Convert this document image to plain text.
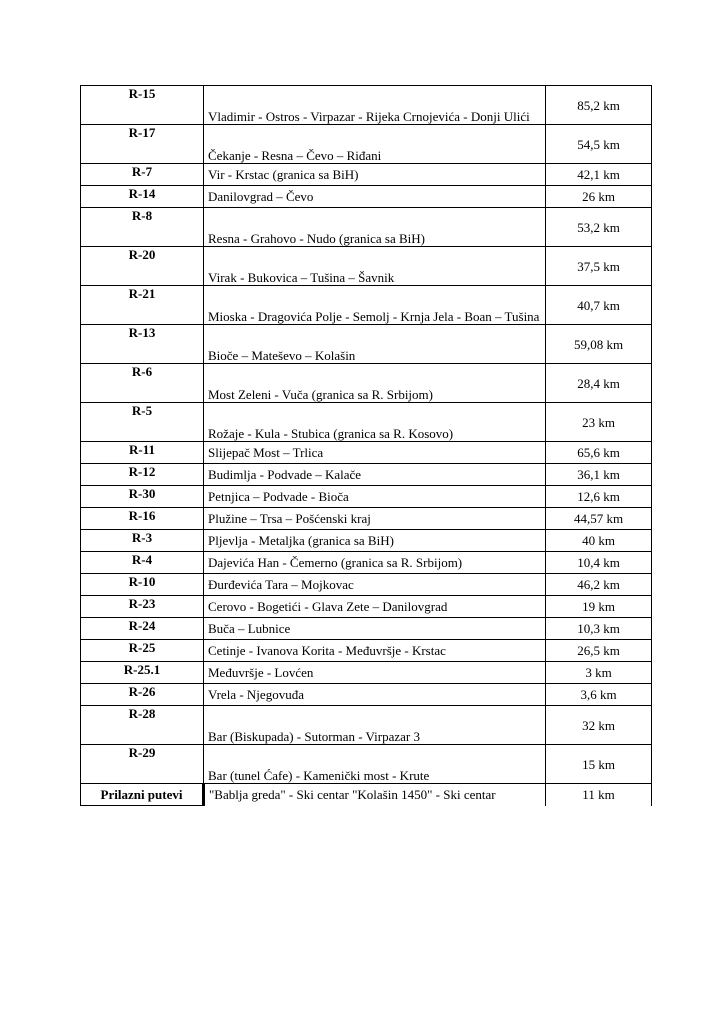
R-15	Vladimir - Ostros - Virpazar - Rijeka Crnojevića - Donji Ulići	85,2 km
R-17	Čekanje - Resna – Čevo – Riđani	54,5 km
R-7	Vir - Krstac (granica sa BiH)	42,1 km
R-14	Danilovgrad – Čevo	26 km
R-8	Resna - Grahovo - Nudo (granica sa BiH)	53,2 km
R-20	Virak - Bukovica – Tušina – Šavnik	37,5 km
R-21	Mioska - Dragovića Polje - Semolj - Krnja Jela - Boan – Tušina	40,7 km
R-13	Bioče – Mateševo – Kolašin	59,08 km
R-6	Most Zeleni - Vuča (granica sa R. Srbijom)	28,4 km
R-5	Rožaje - Kula - Stubica (granica sa R. Kosovo)	23 km
R-11	Slijepač Most – Trlica	65,6 km
R-12	Budimlja - Podvade – Kalače	36,1 km
R-30	Petnjica – Podvade - Bioča	12,6 km
R-16	Plužine – Trsa – Pošćenski kraj	44,57 km
R-3	Pljevlja - Metaljka (granica sa BiH)	40 km
R-4	Dajevića Han - Čemerno (granica sa R. Srbijom)	10,4 km
R-10	Đurđevića Tara – Mojkovac	46,2 km
R-23	Cerovo - Bogetići - Glava Zete – Danilovgrad	19 km
R-24	Buča – Lubnice	10,3 km
R-25	Cetinje - Ivanova Korita - Međuvršje - Krstac	26,5 km
R-25.1	Međuvršje - Lovćen	3 km
R-26	Vrela - Njegovuđa	3,6 km
R-28	Bar (Biskupada) - Sutorman - Virpazar 3	32 km
R-29	Bar (tunel Ćafe) - Kamenički most - Krute	15 km
Prilazni putevi	"Bablja greda" - Ski centar "Kolašin 1450" - Ski centar	11 km
